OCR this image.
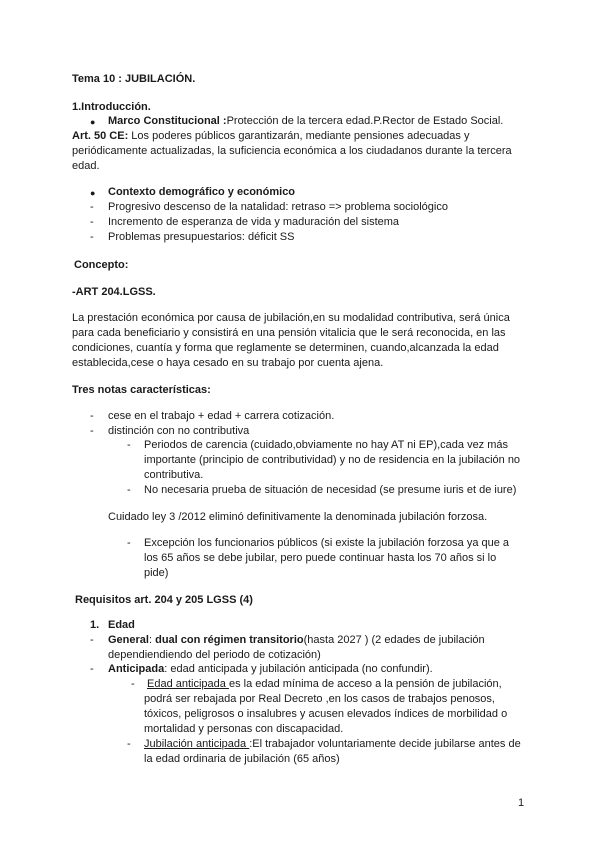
Tema 10 : JUBILACIÓN.
1.Introducción.
● Marco Constitucional :Protección de la tercera edad.P.Rector de Estado Social.
Art. 50 CE: Los poderes públicos garantizarán, mediante pensiones adecuadas y
periódicamente actualizadas, la suficiencia económica a los ciudadanos durante la tercera
edad.
● Contexto demográfico y económico
- Progresivo descenso de la natalidad: retraso => problema sociológico
- Incremento de esperanza de vida y maduración del sistema
- Problemas presupuestarios: déficit SS
Concepto:
-ART 204.LGSS.
La prestación económica por causa de jubilación,en su modalidad contributiva, será única
para cada beneficiario y consistirá en una pensión vitalicia que le será reconocida, en las
condiciones, cuantía y forma que reglamente se determinen, cuando,alcanzada la edad
establecida,cese o haya cesado en su trabajo por cuenta ajena.
Tres notas características:
- cese en el trabajo + edad + carrera cotización.
- distinción con no contributiva
- Periodos de carencia (cuidado,obviamente no hay AT ni EP),cada vez más
importante (principio de contributividad) y no de residencia en la jubilación no
contributiva.
- No necesaria prueba de situación de necesidad (se presume iuris et de iure)
Cuidado ley 3 /2012 eliminó definitivamente la denominada jubilación forzosa.
- Excepción los funcionarios públicos (si existe la jubilación forzosa ya que a
los 65 años se debe jubilar, pero puede continuar hasta los 70 años si lo
pide)
Requisitos art. 204 y 205 LGSS (4)
1. Edad
- General: dual con régimen transitorio(hasta 2027 ) (2 edades de jubilación
dependiendiendo del periodo de cotización)
- Anticipada: edad anticipada y jubilación anticipada (no confundir).
- Edad anticipada es la edad mínima de acceso a la pensión de jubilación,
podrá ser rebajada por Real Decreto ,en los casos de trabajos penosos,
tóxicos, peligrosos o insalubres y acusen elevados índices de morbilidad o
mortalidad y personas con discapacidad.
- Jubilación anticipada :El trabajador voluntariamente decide jubilarse antes de
la edad ordinaria de jubilación (65 años)
1
